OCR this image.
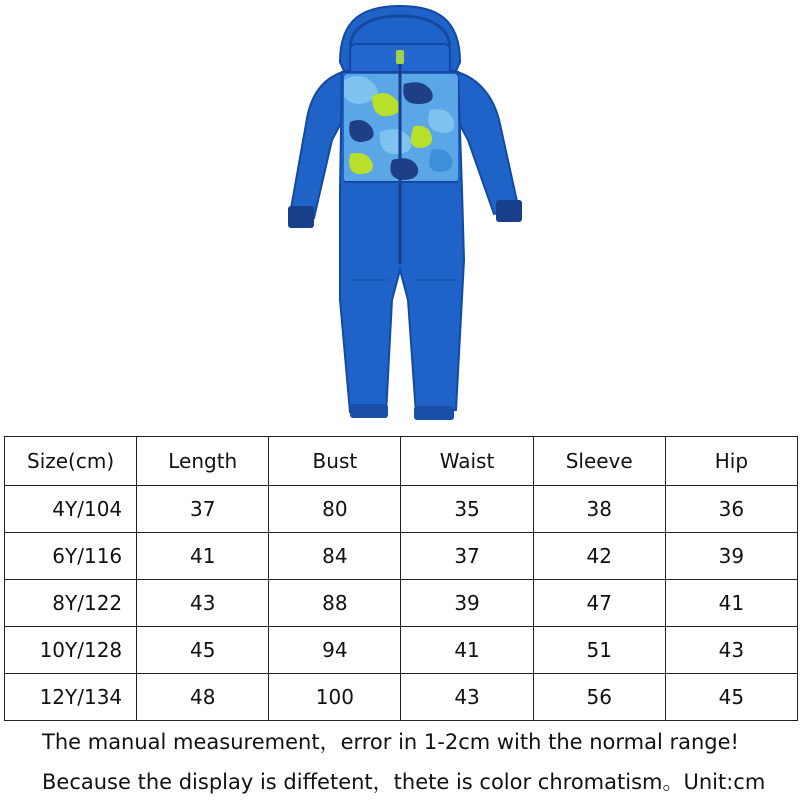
Size(cm)	Length	Bust	Waist	Sleeve	Hip
4Y/104	37	80	35	38	36
6Y/116	41	84	37	42	39
8Y/122	43	88	39	47	41
10Y/128	45	94	41	51	43
12Y/134	48	100	43	56	45
The manual measurement，error in 1-2cm with the normal range!
Because the display is diffetent，thete is color chromatism。Unit:cm
